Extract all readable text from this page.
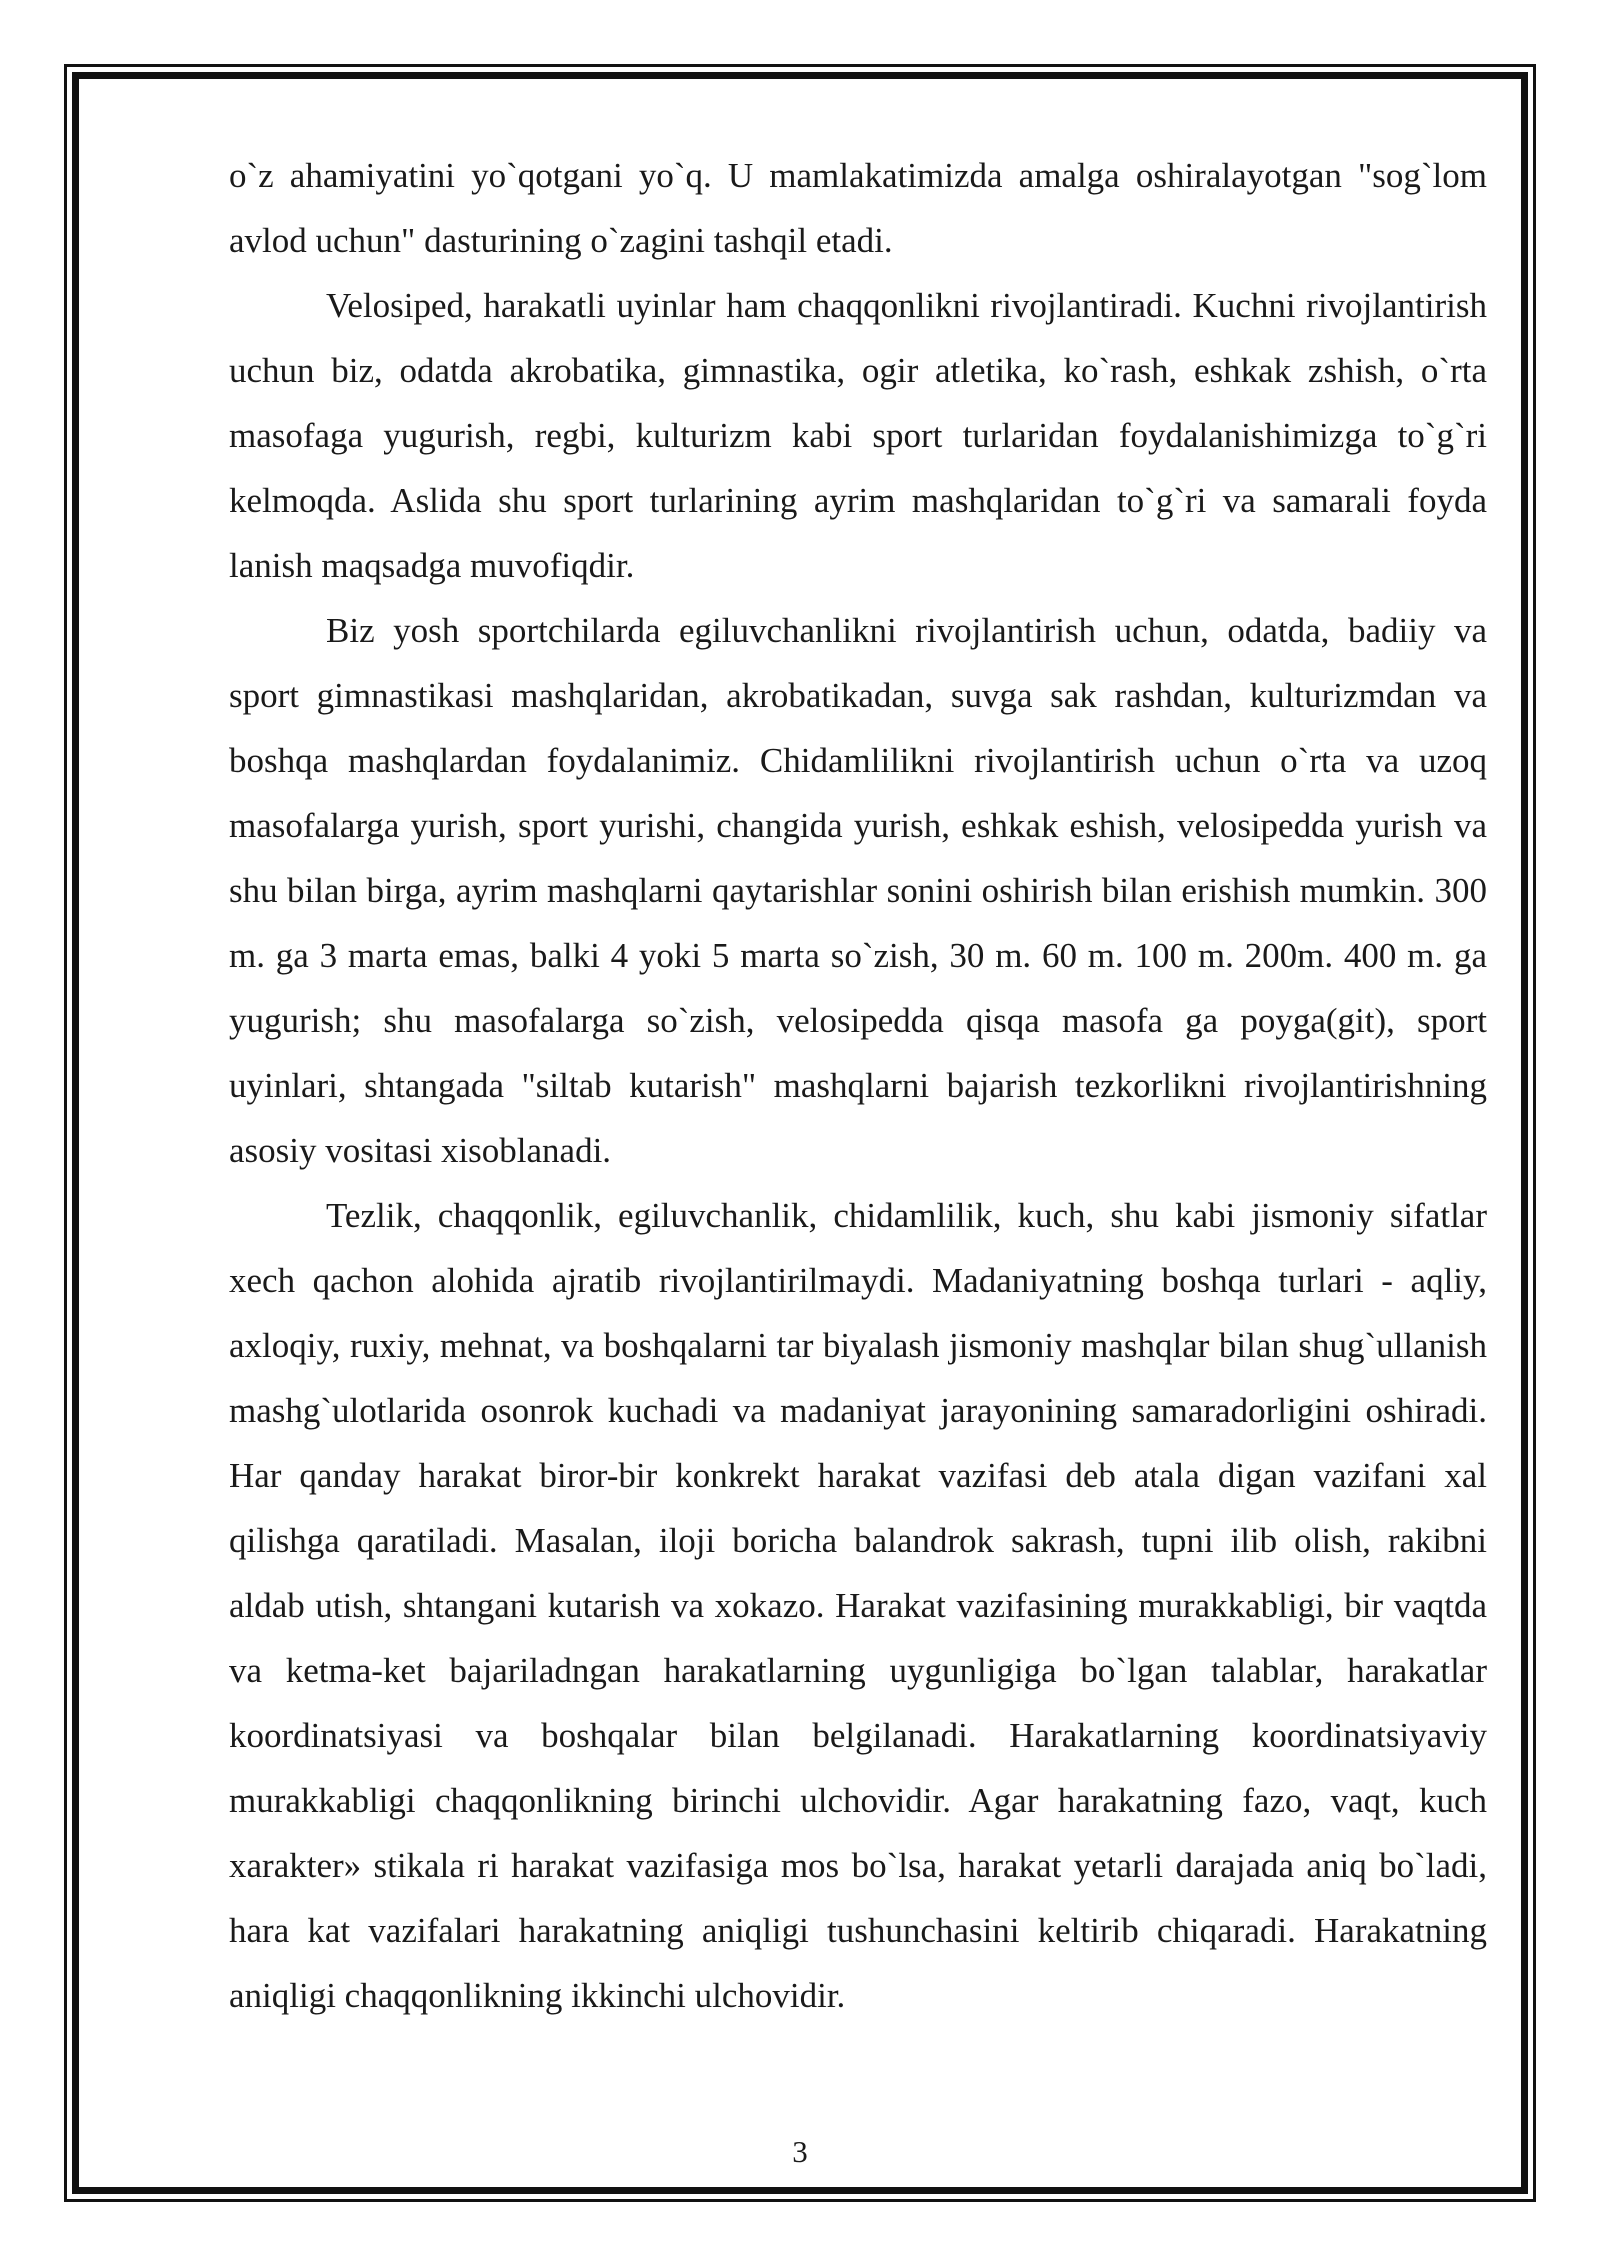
o`z ahamiyatini yo`qotgani yo`q. U mamlakatimizda amalga oshiralayotgan "sog`lom avlod uchun" dasturining o`zagini tashqil etadi.

Velosiped, harakatli uyinlar ham chaqqonlikni rivojlantiradi. Kuchni rivojlantirish uchun biz, odatda akrobatika, gimnastika, ogir atletika, ko`rash, eshkak zshish, o`rta masofaga yugurish, regbi, kulturizm kabi sport turlaridan foydalanishimizga to`g`ri kelmoqda. Aslida shu sport turlarining ayrim mashqlaridan to`g`ri va samarali foyda lanish maqsadga muvofiqdir.

Biz yosh sportchilarda egiluvchanlikni rivojlantirish uchun, odatda, badiiy va sport gimnastikasi mashqlaridan, akrobatikadan, suvga sak rashdan, kulturizmdan va boshqa mashqlardan foydalanimiz. Chidamlilikni rivojlantirish uchun o`rta va uzoq masofalarga yurish, sport yurishi, changida yurish, eshkak eshish, velosipedda yurish va shu bilan birga, ayrim mashqlarni qaytarishlar sonini oshirish bilan erishish mumkin. 300 m. ga 3 marta emas, balki 4 yoki 5 marta so`zish, 30 m. 60 m. 100 m. 200m. 400 m. ga yugurish; shu masofalarga so`zish, velosipedda qisqa masofa ga poyga(git), sport uyinlari, shtangada "siltab kutarish" mashqlarni bajarish tezkorlikni rivojlantirishning asosiy vositasi xisoblanadi.

Tezlik, chaqqonlik, egiluvchanlik, chidamlilik, kuch, shu kabi jismoniy sifatlar xech qachon alohida ajratib rivojlantirilmaydi. Madaniyatning boshqa turlari - aqliy, axloqiy, ruxiy, mehnat, va boshqalarni tar biyalash jismoniy mashqlar bilan shug`ullanish mashg`ulotlarida osonrok kuchadi va madaniyat jarayonining samaradorligini oshiradi. Har qanday harakat biror-bir konkrekt harakat vazifasi deb atala digan vazifani xal qilishga qaratiladi. Masalan, iloji boricha balandrok sakrash, tupni ilib olish, rakibni aldab utish, shtangani kutarish va xokazo. Harakat vazifasining murakkabligi, bir vaqtda va ketma-ket bajariladngan harakatlarning uygunligiga bo`lgan talablar, harakatlar koordinatsiyasi va boshqalar bilan belgilanadi. Harakatlarning koordinatsiyaviy murakkabligi chaqqonlikning birinchi ulchovidir. Agar harakatning fazo, vaqt, kuch xarakter» stikala ri harakat vazifasiga mos bo`lsa, harakat yetarli darajada aniq bo`ladi, hara kat vazifalari harakatning aniqligi tushunchasini keltirib chiqaradi. Harakatning aniqligi chaqqonlikning ikkinchi ulchovidir.

3
